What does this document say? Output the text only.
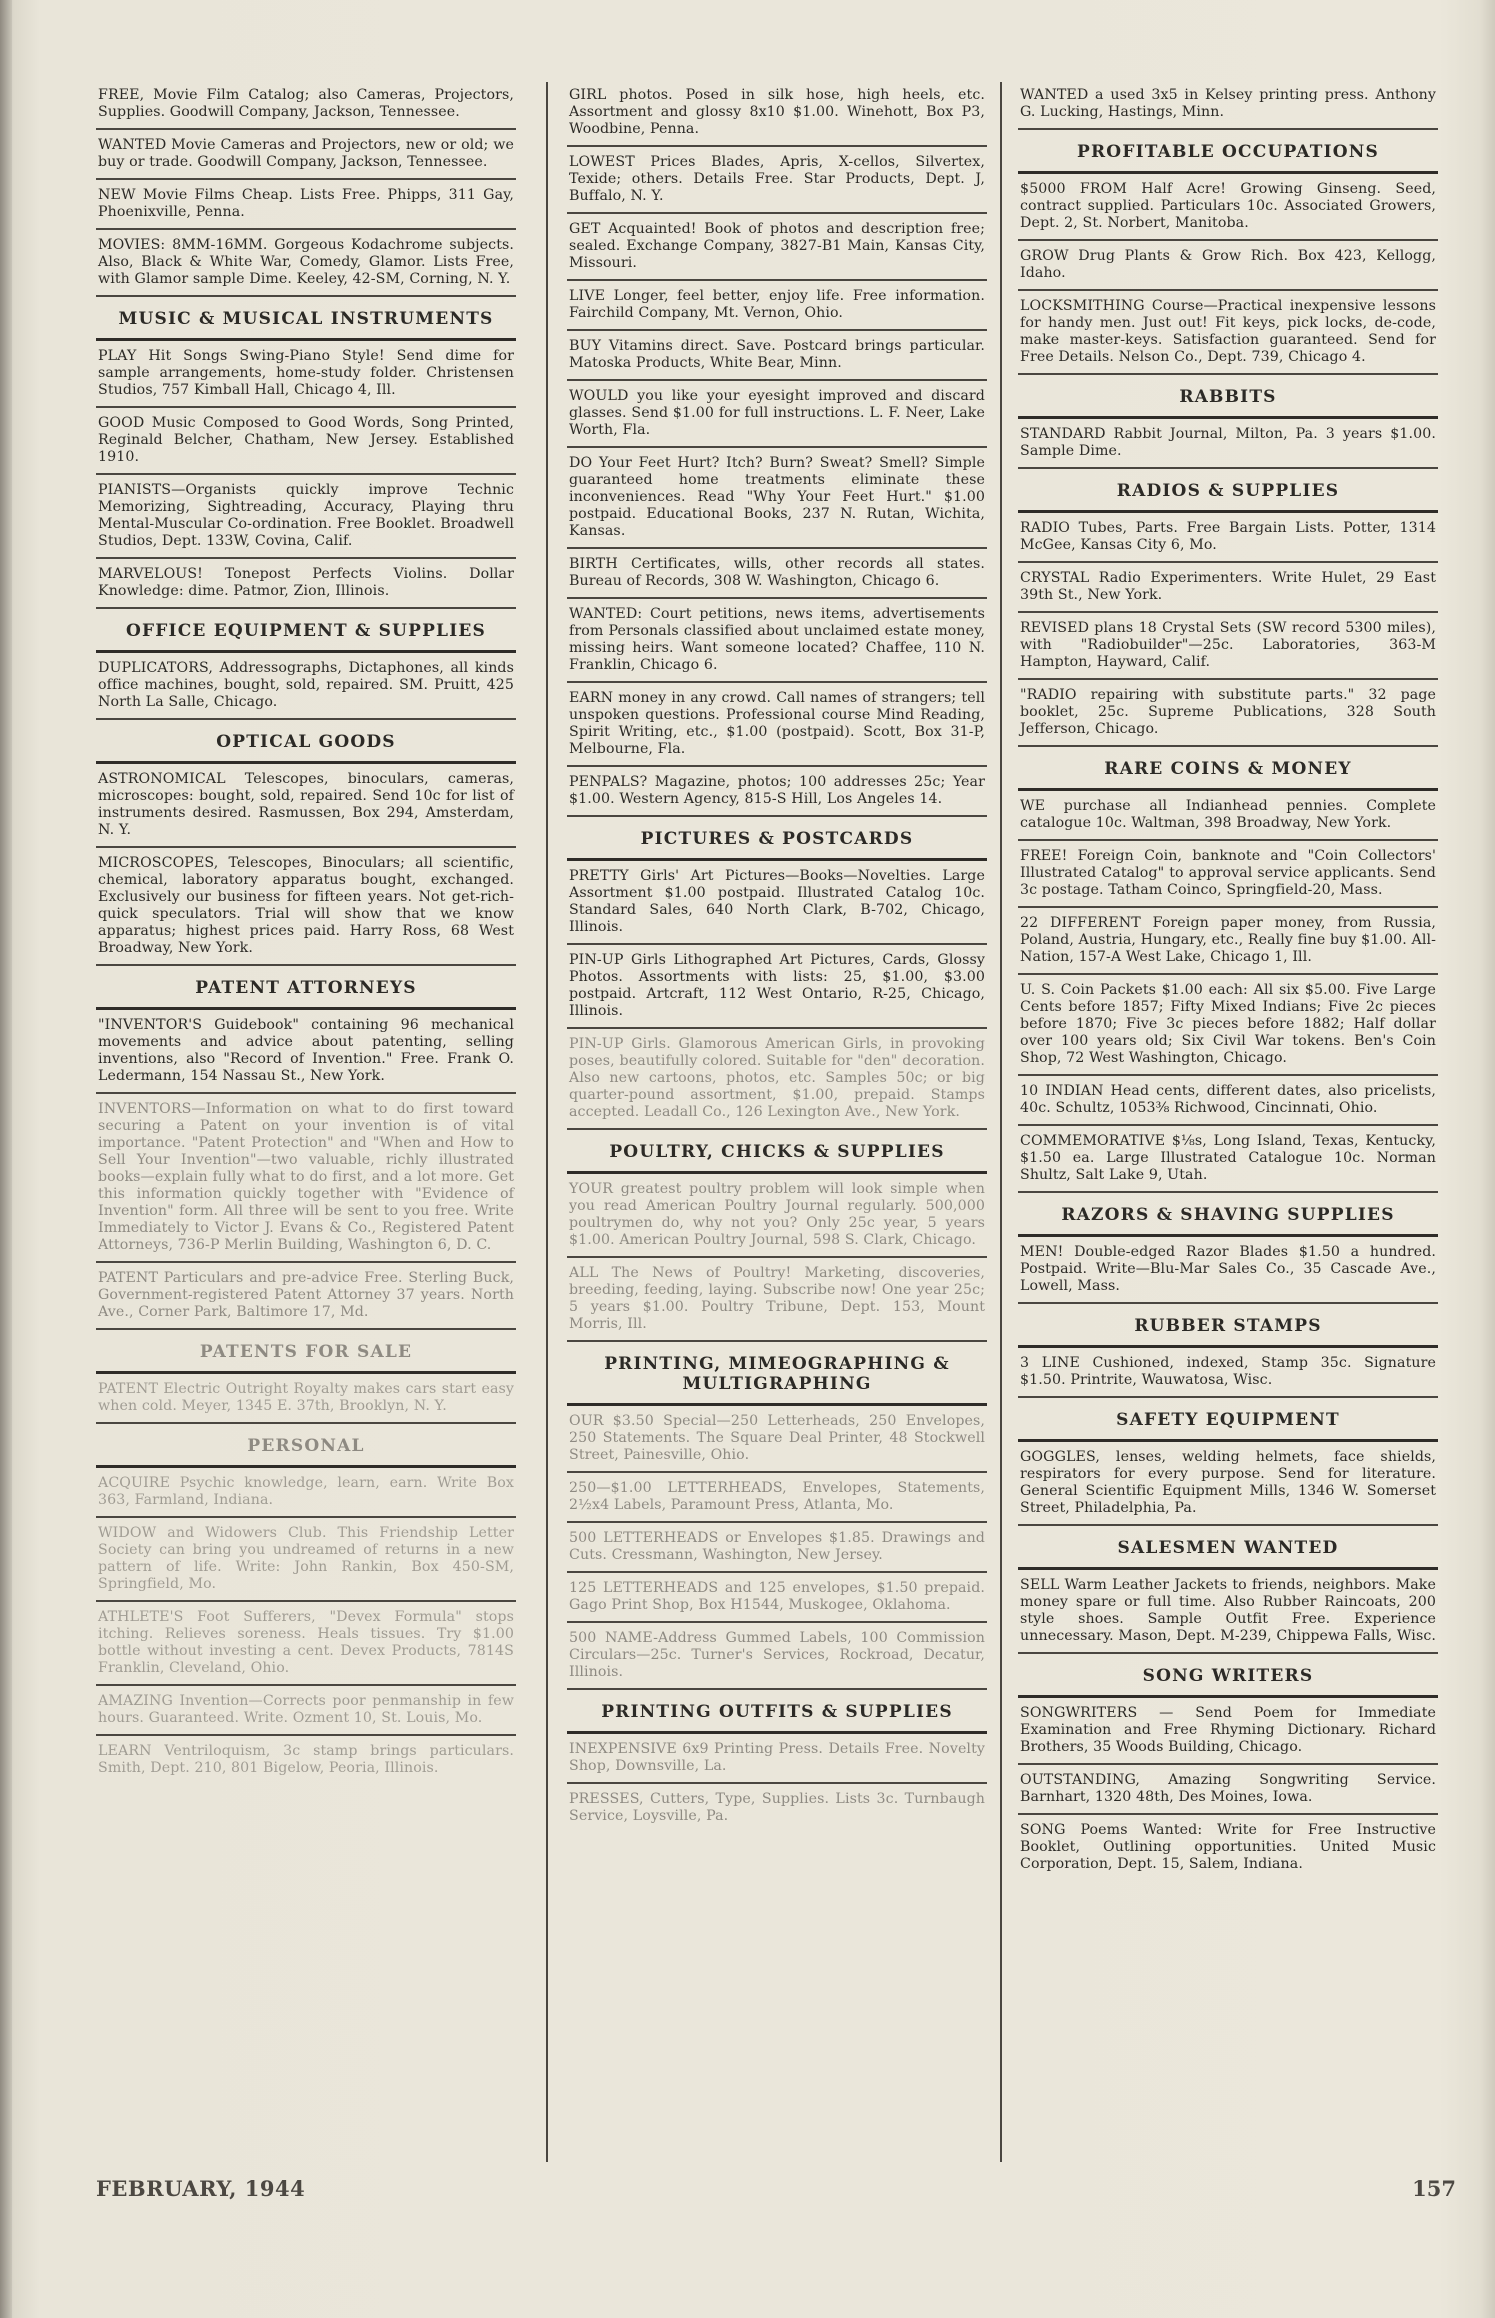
FREE, Movie Film Catalog; also Cameras, Projectors, Supplies. Goodwill Company, Jackson, Tennessee.
WANTED Movie Cameras and Projectors, new or old; we buy or trade. Goodwill Company, Jackson, Tennessee.
NEW Movie Films Cheap. Lists Free. Phipps, 311 Gay, Phoenixville, Penna.
MOVIES: 8MM-16MM. Gorgeous Kodachrome subjects. Also, Black & White War, Comedy, Glamor. Lists Free, with Glamor sample Dime. Keeley, 42-SM, Corning, N. Y.
MUSIC & MUSICAL INSTRUMENTS
PLAY Hit Songs Swing-Piano Style! Send dime for sample arrangements, home-study folder. Christensen Studios, 757 Kimball Hall, Chicago 4, Ill.
GOOD Music Composed to Good Words, Song Printed, Reginald Belcher, Chatham, New Jersey. Established 1910.
PIANISTS—Organists quickly improve Technic Memorizing, Sightreading, Accuracy, Playing thru Mental-Muscular Co-ordination. Free Booklet. Broadwell Studios, Dept. 133W, Covina, Calif.
MARVELOUS! Tonepost Perfects Violins. Dollar Knowledge: dime. Patmor, Zion, Illinois.
OFFICE EQUIPMENT & SUPPLIES
DUPLICATORS, Addressographs, Dictaphones, all kinds office machines, bought, sold, repaired. SM. Pruitt, 425 North La Salle, Chicago.
OPTICAL GOODS
ASTRONOMICAL Telescopes, binoculars, cameras, microscopes: bought, sold, repaired. Send 10c for list of instruments desired. Rasmussen, Box 294, Amsterdam, N. Y.
MICROSCOPES, Telescopes, Binoculars; all scientific, chemical, laboratory apparatus bought, exchanged. Exclusively our business for fifteen years. Not get-rich-quick speculators. Trial will show that we know apparatus; highest prices paid. Harry Ross, 68 West Broadway, New York.
PATENT ATTORNEYS
"INVENTOR'S Guidebook" containing 96 mechanical movements and advice about patenting, selling inventions, also "Record of Invention." Free. Frank O. Ledermann, 154 Nassau St., New York.
INVENTORS—Information on what to do first toward securing a Patent on your invention is of vital importance. "Patent Protection" and "When and How to Sell Your Invention"—two valuable, richly illustrated books—explain fully what to do first, and a lot more. Get this information quickly together with "Evidence of Invention" form. All three will be sent to you free. Write Immediately to Victor J. Evans & Co., Registered Patent Attorneys, 736-P Merlin Building, Washington 6, D. C.
PATENT Particulars and pre-advice Free. Sterling Buck, Government-registered Patent Attorney 37 years. North Ave., Corner Park, Baltimore 17, Md.
PATENTS FOR SALE
PATENT Electric Outright Royalty makes cars start easy when cold. Meyer, 1345 E. 37th, Brooklyn, N. Y.
PERSONAL
ACQUIRE Psychic knowledge, learn, earn. Write Box 363, Farmland, Indiana.
WIDOW and Widowers Club. This Friendship Letter Society can bring you undreamed of returns in a new pattern of life. Write: John Rankin, Box 450-SM, Springfield, Mo.
ATHLETE'S Foot Sufferers, "Devex Formula" stops itching. Relieves soreness. Heals tissues. Try $1.00 bottle without investing a cent. Devex Products, 7814S Franklin, Cleveland, Ohio.
AMAZING Invention—Corrects poor penmanship in few hours. Guaranteed. Write. Ozment 10, St. Louis, Mo.
LEARN Ventriloquism, 3c stamp brings particulars. Smith, Dept. 210, 801 Bigelow, Peoria, Illinois.
GIRL photos. Posed in silk hose, high heels, etc. Assortment and glossy 8x10 $1.00. Winehott, Box P3, Woodbine, Penna.
LOWEST Prices Blades, Apris, X-cellos, Silvertex, Texide; others. Details Free. Star Products, Dept. J, Buffalo, N. Y.
GET Acquainted! Book of photos and description free; sealed. Exchange Company, 3827-B1 Main, Kansas City, Missouri.
LIVE Longer, feel better, enjoy life. Free information. Fairchild Company, Mt. Vernon, Ohio.
BUY Vitamins direct. Save. Postcard brings particular. Matoska Products, White Bear, Minn.
WOULD you like your eyesight improved and discard glasses. Send $1.00 for full instructions. L. F. Neer, Lake Worth, Fla.
DO Your Feet Hurt? Itch? Burn? Sweat? Smell? Simple guaranteed home treatments eliminate these inconveniences. Read "Why Your Feet Hurt." $1.00 postpaid. Educational Books, 237 N. Rutan, Wichita, Kansas.
BIRTH Certificates, wills, other records all states. Bureau of Records, 308 W. Washington, Chicago 6.
WANTED: Court petitions, news items, advertisements from Personals classified about unclaimed estate money, missing heirs. Want someone located? Chaffee, 110 N. Franklin, Chicago 6.
EARN money in any crowd. Call names of strangers; tell unspoken questions. Professional course Mind Reading, Spirit Writing, etc., $1.00 (postpaid). Scott, Box 31-P, Melbourne, Fla.
PENPALS? Magazine, photos; 100 addresses 25c; Year $1.00. Western Agency, 815-S Hill, Los Angeles 14.
PICTURES & POSTCARDS
PRETTY Girls' Art Pictures—Books—Novelties. Large Assortment $1.00 postpaid. Illustrated Catalog 10c. Standard Sales, 640 North Clark, B-702, Chicago, Illinois.
PIN-UP Girls Lithographed Art Pictures, Cards, Glossy Photos. Assortments with lists: 25, $1.00, $3.00 postpaid. Artcraft, 112 West Ontario, R-25, Chicago, Illinois.
PIN-UP Girls. Glamorous American Girls, in provoking poses, beautifully colored. Suitable for "den" decoration. Also new cartoons, photos, etc. Samples 50c; or big quarter-pound assortment, $1.00, prepaid. Stamps accepted. Leadall Co., 126 Lexington Ave., New York.
POULTRY, CHICKS & SUPPLIES
YOUR greatest poultry problem will look simple when you read American Poultry Journal regularly. 500,000 poultrymen do, why not you? Only 25c year, 5 years $1.00. American Poultry Journal, 598 S. Clark, Chicago.
ALL The News of Poultry! Marketing, discoveries, breeding, feeding, laying. Subscribe now! One year 25c; 5 years $1.00. Poultry Tribune, Dept. 153, Mount Morris, Ill.
PRINTING, MIMEOGRAPHING & MULTIGRAPHING
OUR $3.50 Special—250 Letterheads, 250 Envelopes, 250 Statements. The Square Deal Printer, 48 Stockwell Street, Painesville, Ohio.
250—$1.00 LETTERHEADS, Envelopes, Statements, 2½x4 Labels, Paramount Press, Atlanta, Mo.
500 LETTERHEADS or Envelopes $1.85. Drawings and Cuts. Cressmann, Washington, New Jersey.
125 LETTERHEADS and 125 envelopes, $1.50 prepaid. Gago Print Shop, Box H1544, Muskogee, Oklahoma.
500 NAME-Address Gummed Labels, 100 Commission Circulars—25c. Turner's Services, Rockroad, Decatur, Illinois.
PRINTING OUTFITS & SUPPLIES
INEXPENSIVE 6x9 Printing Press. Details Free. Novelty Shop, Downsville, La.
PRESSES, Cutters, Type, Supplies. Lists 3c. Turnbaugh Service, Loysville, Pa.
WANTED a used 3x5 in Kelsey printing press. Anthony G. Lucking, Hastings, Minn.
PROFITABLE OCCUPATIONS
$5000 FROM Half Acre! Growing Ginseng. Seed, contract supplied. Particulars 10c. Associated Growers, Dept. 2, St. Norbert, Manitoba.
GROW Drug Plants & Grow Rich. Box 423, Kellogg, Idaho.
LOCKSMITHING Course—Practical inexpensive lessons for handy men. Just out! Fit keys, pick locks, de-code, make master-keys. Satisfaction guaranteed. Send for Free Details. Nelson Co., Dept. 739, Chicago 4.
RABBITS
STANDARD Rabbit Journal, Milton, Pa. 3 years $1.00. Sample Dime.
RADIOS & SUPPLIES
RADIO Tubes, Parts. Free Bargain Lists. Potter, 1314 McGee, Kansas City 6, Mo.
CRYSTAL Radio Experimenters. Write Hulet, 29 East 39th St., New York.
REVISED plans 18 Crystal Sets (SW record 5300 miles), with "Radiobuilder"—25c. Laboratories, 363-M Hampton, Hayward, Calif.
"RADIO repairing with substitute parts." 32 page booklet, 25c. Supreme Publications, 328 South Jefferson, Chicago.
RARE COINS & MONEY
WE purchase all Indianhead pennies. Complete catalogue 10c. Waltman, 398 Broadway, New York.
FREE! Foreign Coin, banknote and "Coin Collectors' Illustrated Catalog" to approval service applicants. Send 3c postage. Tatham Coinco, Springfield-20, Mass.
22 DIFFERENT Foreign paper money, from Russia, Poland, Austria, Hungary, etc., Really fine buy $1.00. All-Nation, 157-A West Lake, Chicago 1, Ill.
U. S. Coin Packets $1.00 each: All six $5.00. Five Large Cents before 1857; Fifty Mixed Indians; Five 2c pieces before 1870; Five 3c pieces before 1882; Half dollar over 100 years old; Six Civil War tokens. Ben's Coin Shop, 72 West Washington, Chicago.
10 INDIAN Head cents, different dates, also pricelists, 40c. Schultz, 1053⅜ Richwood, Cincinnati, Ohio.
COMMEMORATIVE $⅛s, Long Island, Texas, Kentucky, $1.50 ea. Large Illustrated Catalogue 10c. Norman Shultz, Salt Lake 9, Utah.
RAZORS & SHAVING SUPPLIES
MEN! Double-edged Razor Blades $1.50 a hundred. Postpaid. Write—Blu-Mar Sales Co., 35 Cascade Ave., Lowell, Mass.
RUBBER STAMPS
3 LINE Cushioned, indexed, Stamp 35c. Signature $1.50. Printrite, Wauwatosa, Wisc.
SAFETY EQUIPMENT
GOGGLES, lenses, welding helmets, face shields, respirators for every purpose. Send for literature. General Scientific Equipment Mills, 1346 W. Somerset Street, Philadelphia, Pa.
SALESMEN WANTED
SELL Warm Leather Jackets to friends, neighbors. Make money spare or full time. Also Rubber Raincoats, 200 style shoes. Sample Outfit Free. Experience unnecessary. Mason, Dept. M-239, Chippewa Falls, Wisc.
SONG WRITERS
SONGWRITERS — Send Poem for Immediate Examination and Free Rhyming Dictionary. Richard Brothers, 35 Woods Building, Chicago.
OUTSTANDING, Amazing Songwriting Service. Barnhart, 1320 48th, Des Moines, Iowa.
SONG Poems Wanted: Write for Free Instructive Booklet, Outlining opportunities. United Music Corporation, Dept. 15, Salem, Indiana.
FEBRUARY, 1944	157
